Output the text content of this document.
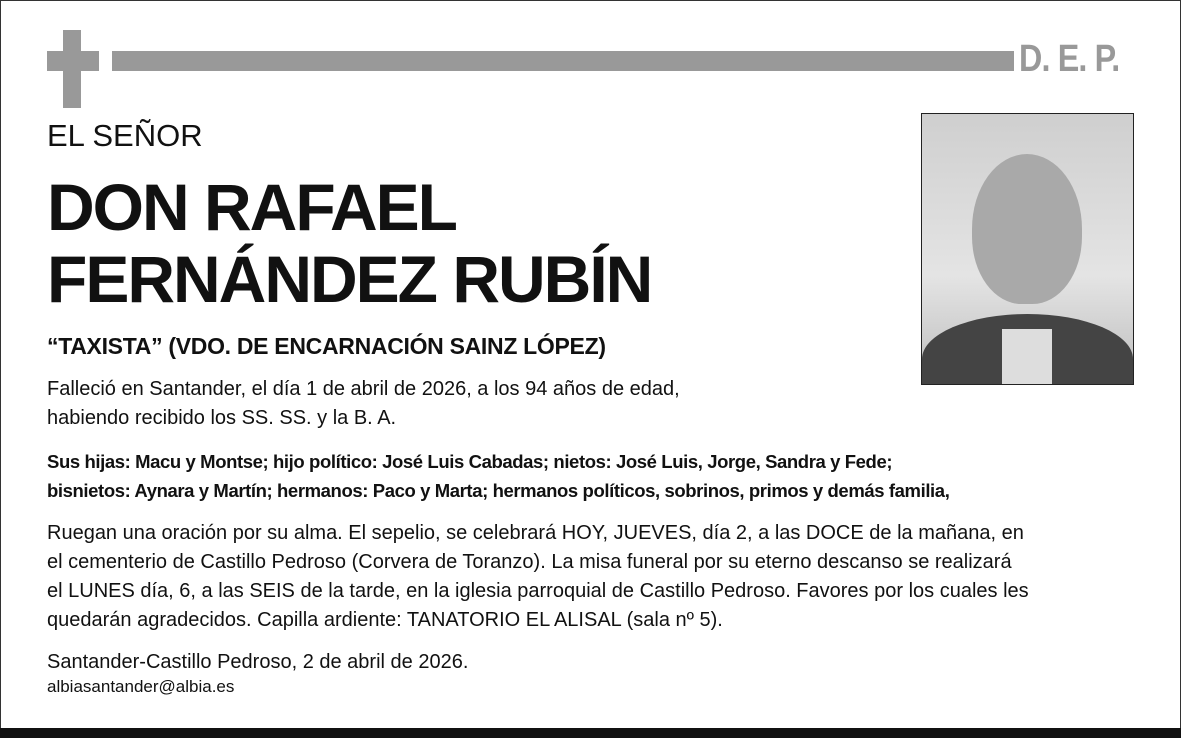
D. E. P.
EL SEÑOR
DON RAFAEL
FERNÁNDEZ RUBÍN
“TAXISTA” (VDO. DE ENCARNACIÓN SAINZ LÓPEZ)
Falleció en Santander, el día 1 de abril de 2026, a los 94 años de edad,
habiendo recibido los SS. SS. y la B. A.
Sus hijas: Macu y Montse; hijo político: José Luis Cabadas; nietos: José Luis, Jorge, Sandra y Fede;
bisnietos: Aynara y Martín; hermanos: Paco y Marta; hermanos políticos, sobrinos, primos y demás familia,
Ruegan una oración por su alma. El sepelio, se celebrará HOY, JUEVES, día 2, a las DOCE de la mañana, en
el cementerio de Castillo Pedroso (Corvera de Toranzo). La misa funeral por su eterno descanso se realizará
el LUNES día, 6, a las SEIS de la tarde, en la iglesia parroquial de Castillo Pedroso. Favores por los cuales les
quedarán agradecidos. Capilla ardiente: TANATORIO EL ALISAL (sala nº 5).
Santander-Castillo Pedroso, 2 de abril de 2026.
albiasantander@albia.es
